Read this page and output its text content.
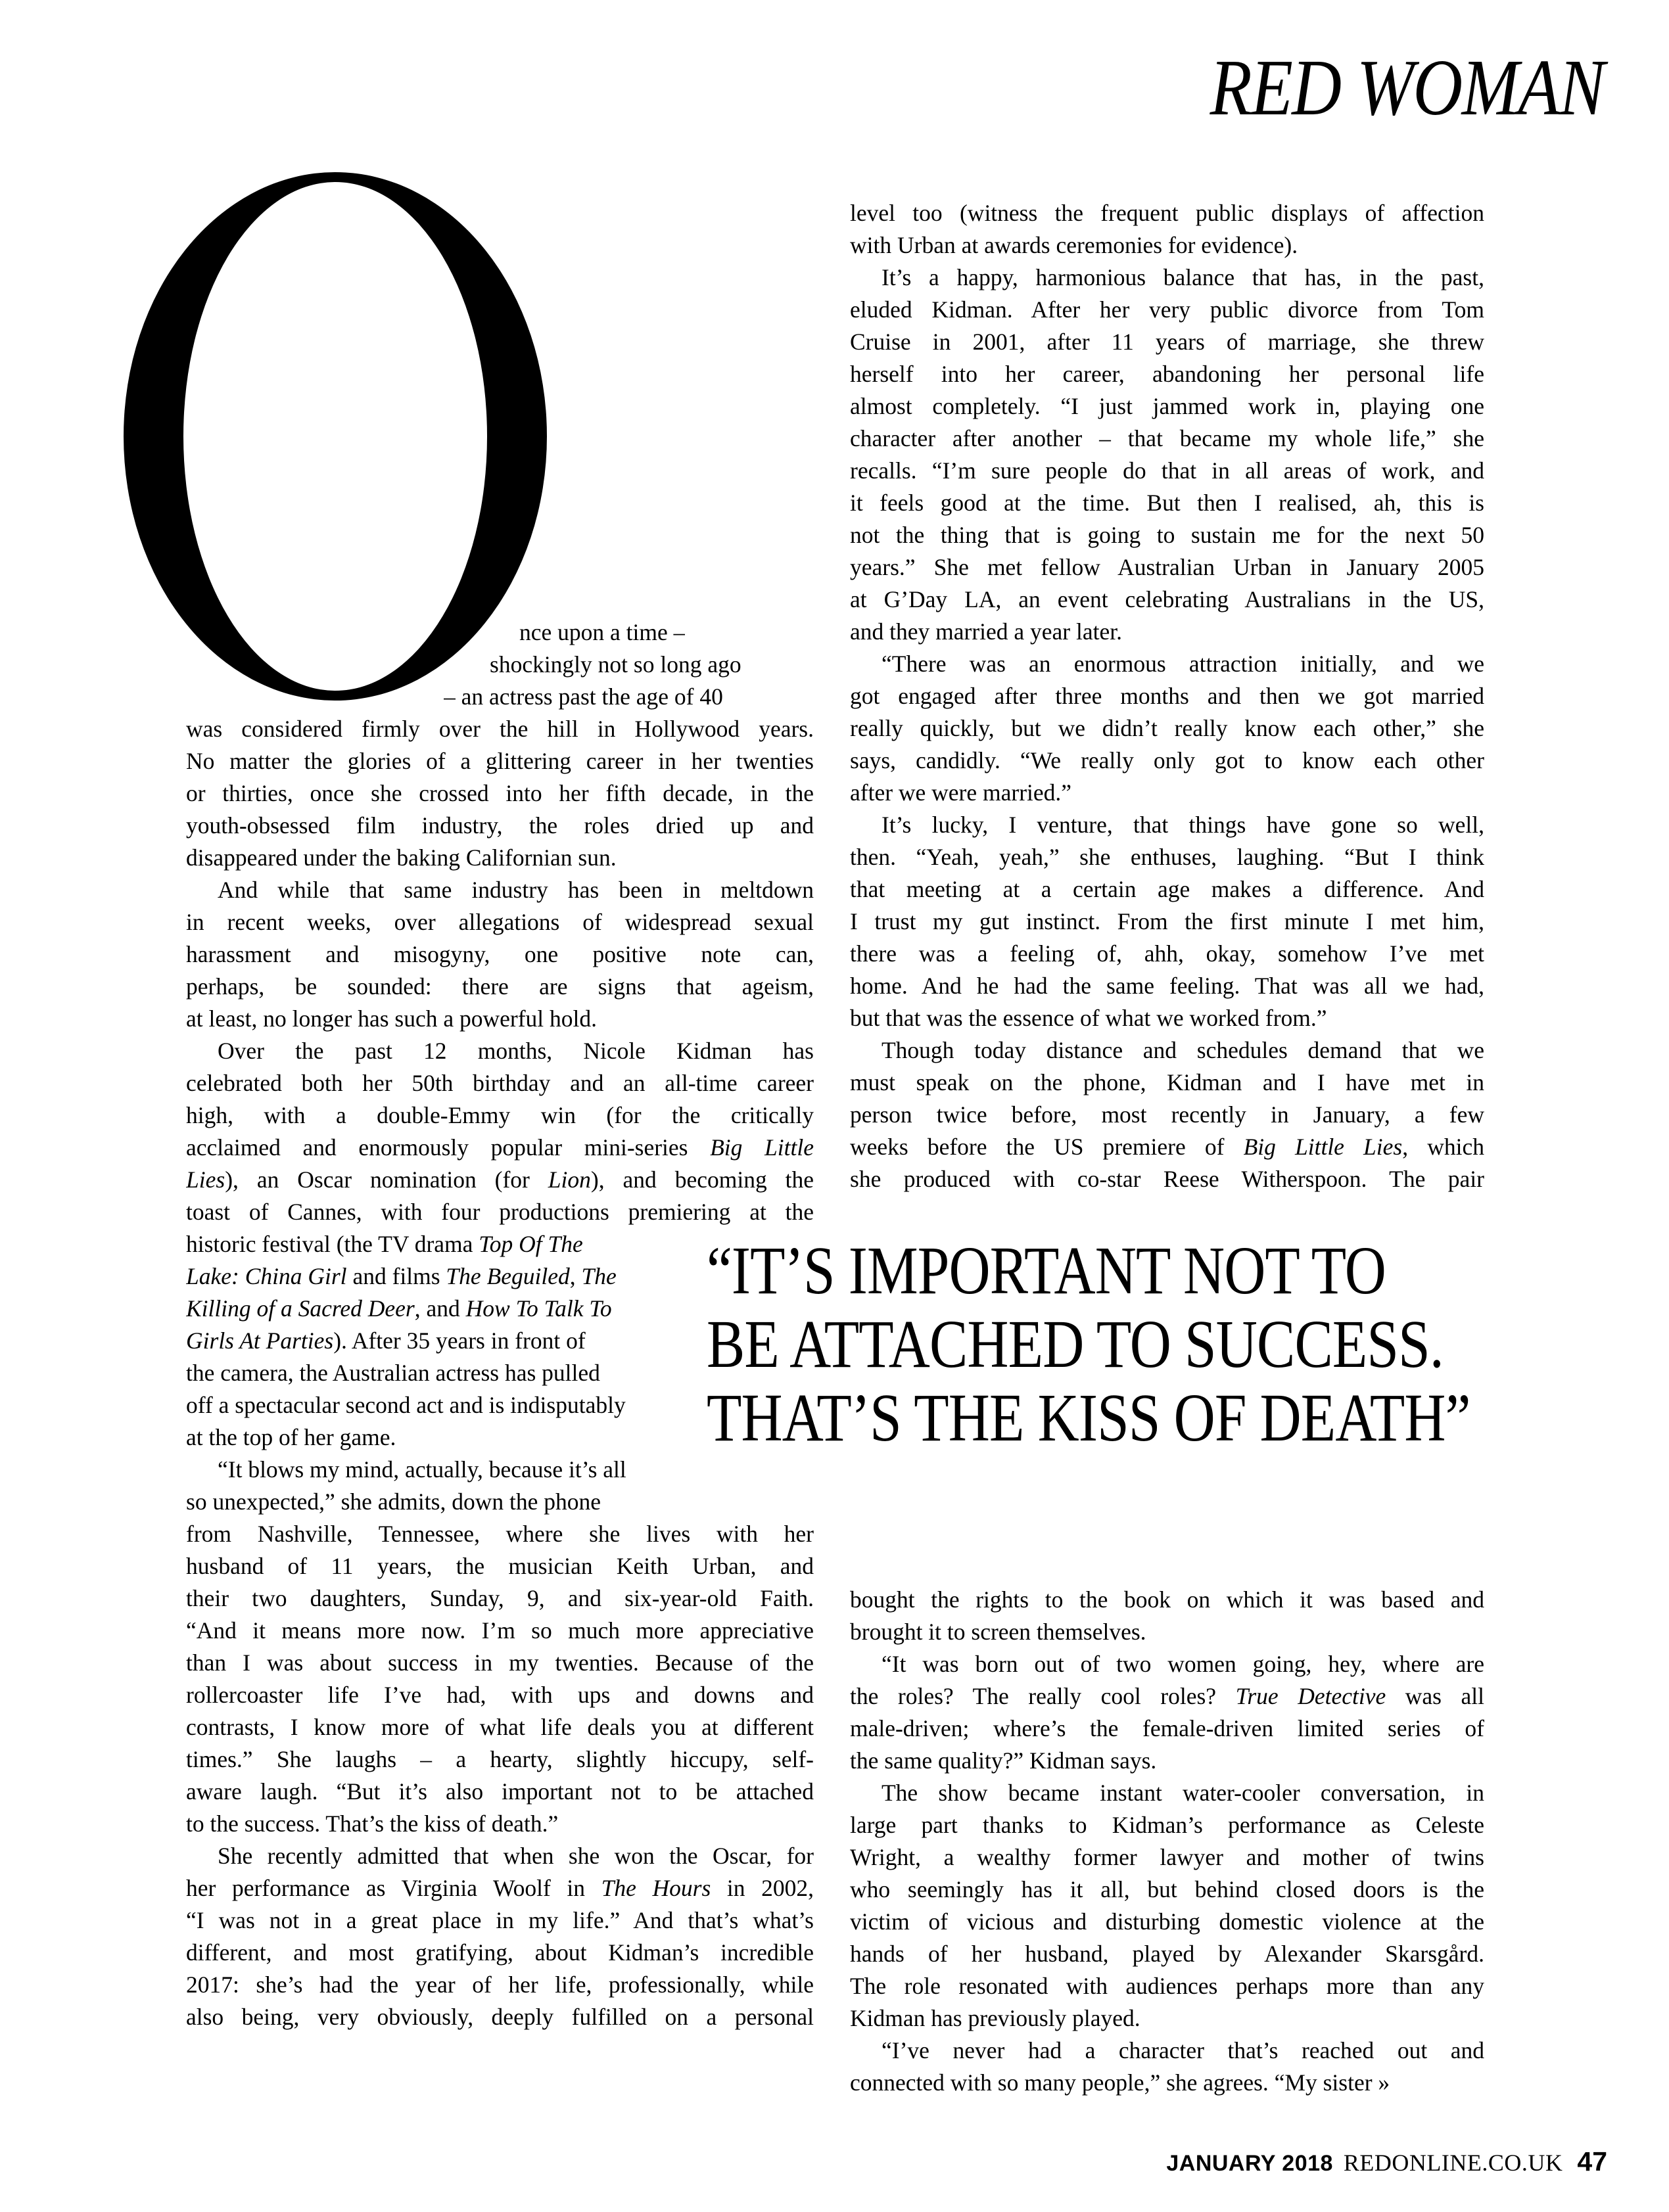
RED WOMAN
nce upon a time –
shockingly not so long ago
– an actress past the age of 40
was considered firmly over the hill in Hollywood years.
No matter the glories of a glittering career in her twenties
or thirties, once she crossed into her fifth decade, in the
youth-obsessed film industry, the roles dried up and
disappeared under the baking Californian sun.
And while that same industry has been in meltdown
in recent weeks, over allegations of widespread sexual
harassment and misogyny, one positive note can,
perhaps, be sounded: there are signs that ageism,
at least, no longer has such a powerful hold.
Over the past 12 months, Nicole Kidman has
celebrated both her 50th birthday and an all-time career
high, with a double-Emmy win (for the critically
acclaimed and enormously popular mini-series Big Little
Lies), an Oscar nomination (for Lion), and becoming the
toast of Cannes, with four productions premiering at the
historic festival (the TV drama Top Of The
Lake: China Girl and films The Beguiled, The
Killing of a Sacred Deer, and How To Talk To
Girls At Parties). After 35 years in front of
the camera, the Australian actress has pulled
off a spectacular second act and is indisputably
at the top of her game.
“It blows my mind, actually, because it’s all
so unexpected,” she admits, down the phone
from Nashville, Tennessee, where she lives with her
husband of 11 years, the musician Keith Urban, and
their two daughters, Sunday, 9, and six-year-old Faith.
“And it means more now. I’m so much more appreciative
than I was about success in my twenties. Because of the
rollercoaster life I’ve had, with ups and downs and
contrasts, I know more of what life deals you at different
times.” She laughs – a hearty, slightly hiccupy, self-
aware laugh. “But it’s also important not to be attached
to the success. That’s the kiss of death.”
She recently admitted that when she won the Oscar, for
her performance as Virginia Woolf in The Hours in 2002,
“I was not in a great place in my life.” And that’s what’s
different, and most gratifying, about Kidman’s incredible
2017: she’s had the year of her life, professionally, while
also being, very obviously, deeply fulfilled on a personal
level too (witness the frequent public displays of affection
with Urban at awards ceremonies for evidence).
It’s a happy, harmonious balance that has, in the past,
eluded Kidman. After her very public divorce from Tom
Cruise in 2001, after 11 years of marriage, she threw
herself into her career, abandoning her personal life
almost completely. “I just jammed work in, playing one
character after another – that became my whole life,” she
recalls. “I’m sure people do that in all areas of work, and
it feels good at the time. But then I realised, ah, this is
not the thing that is going to sustain me for the next 50
years.” She met fellow Australian Urban in January 2005
at G’Day LA, an event celebrating Australians in the US,
and they married a year later.
“There was an enormous attraction initially, and we
got engaged after three months and then we got married
really quickly, but we didn’t really know each other,” she
says, candidly. “We really only got to know each other
after we were married.”
It’s lucky, I venture, that things have gone so well,
then. “Yeah, yeah,” she enthuses, laughing. “But I think
that meeting at a certain age makes a difference. And
I trust my gut instinct. From the first minute I met him,
there was a feeling of, ahh, okay, somehow I’ve met
home. And he had the same feeling. That was all we had,
but that was the essence of what we worked from.”
Though today distance and schedules demand that we
must speak on the phone, Kidman and I have met in
person twice before, most recently in January, a few
weeks before the US premiere of Big Little Lies, which
she produced with co-star Reese Witherspoon. The pair
“IT’S IMPORTANT NOT TO
BE ATTACHED TO SUCCESS.
THAT’S THE KISS OF DEATH”
bought the rights to the book on which it was based and
brought it to screen themselves.
“It was born out of two women going, hey, where are
the roles? The really cool roles? True Detective was all
male-driven; where’s the female-driven limited series of
the same quality?” Kidman says.
The show became instant water-cooler conversation, in
large part thanks to Kidman’s performance as Celeste
Wright, a wealthy former lawyer and mother of twins
who seemingly has it all, but behind closed doors is the
victim of vicious and disturbing domestic violence at the
hands of her husband, played by Alexander Skarsgård.
The role resonated with audiences perhaps more than any
Kidman has previously played.
“I’ve never had a character that’s reached out and
connected with so many people,” she agrees. “My sister »
JANUARY 2018 REDONLINE.CO.UK 47
